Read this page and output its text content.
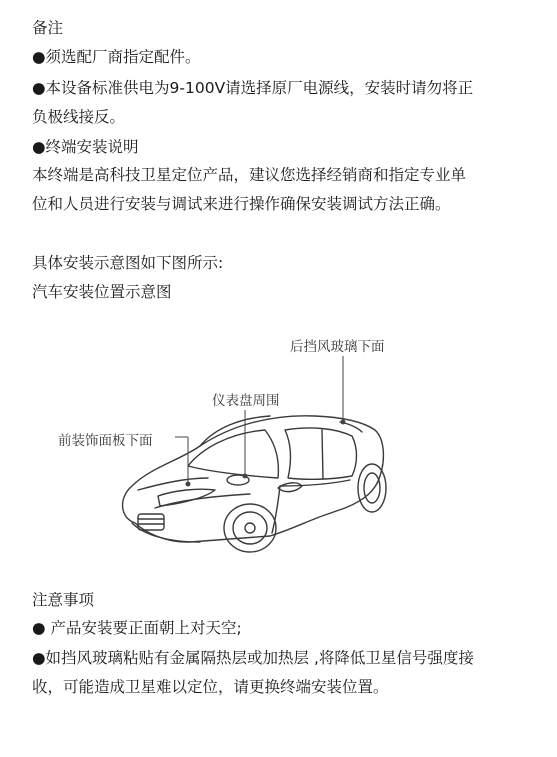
备注
●须选配厂商指定配件。
●本设备标准供电为9-100V请选择原厂电源线，安装时请勿将正
负极线接反。
●终端安装说明
本终端是高科技卫星定位产品，建议您选择经销商和指定专业单
位和人员进行安装与调试来进行操作确保安装调试方法正确。
具体安装示意图如下图所示:
汽车安装位置示意图
后挡风玻璃下面
仪表盘周围
前装饰面板下面
注意事项
● 产品安装要正面朝上对天空;
●如挡风玻璃粘贴有金属隔热层或加热层 ,将降低卫星信号强度接
收，可能造成卫星难以定位，请更换终端安装位置。
